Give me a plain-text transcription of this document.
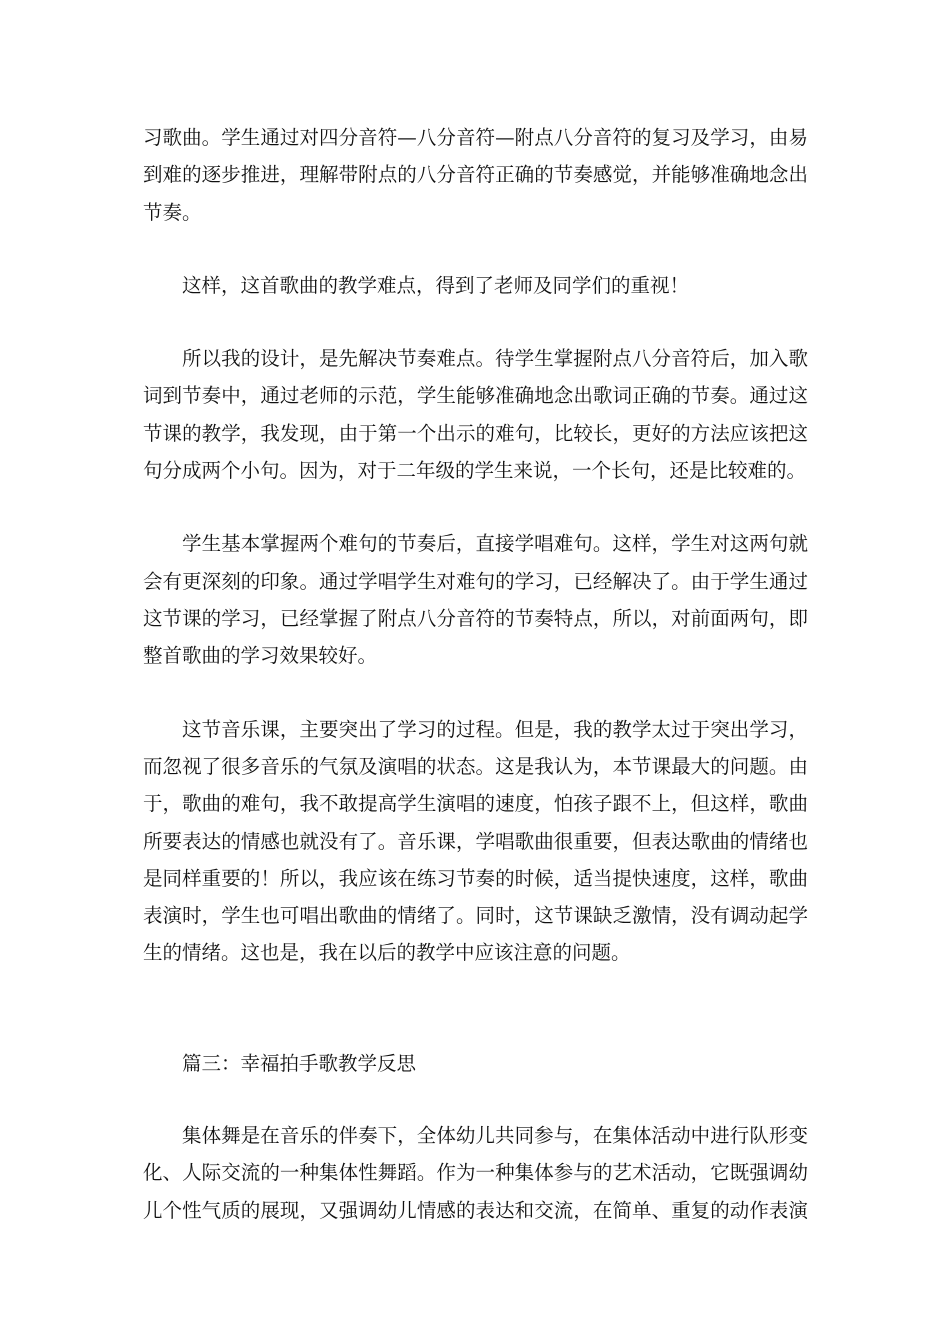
习歌曲。学生通过对四分音符—八分音符—附点八分音符的复习及学习，由易
到难的逐步推进，理解带附点的八分音符正确的节奏感觉，并能够准确地念出
节奏。
这样，这首歌曲的教学难点，得到了老师及同学们的重视！
所以我的设计，是先解决节奏难点。待学生掌握附点八分音符后，加入歌
词到节奏中，通过老师的示范，学生能够准确地念出歌词正确的节奏。通过这
节课的教学，我发现，由于第一个出示的难句，比较长，更好的方法应该把这
句分成两个小句。因为，对于二年级的学生来说，一个长句，还是比较难的。
学生基本掌握两个难句的节奏后，直接学唱难句。这样，学生对这两句就
会有更深刻的印象。通过学唱学生对难句的学习，已经解决了。由于学生通过
这节课的学习，已经掌握了附点八分音符的节奏特点，所以，对前面两句，即
整首歌曲的学习效果较好。
这节音乐课，主要突出了学习的过程。但是，我的教学太过于突出学习，
而忽视了很多音乐的气氛及演唱的状态。这是我认为，本节课最大的问题。由
于，歌曲的难句，我不敢提高学生演唱的速度，怕孩子跟不上，但这样，歌曲
所要表达的情感也就没有了。音乐课，学唱歌曲很重要，但表达歌曲的情绪也
是同样重要的！所以，我应该在练习节奏的时候，适当提快速度，这样，歌曲
表演时，学生也可唱出歌曲的情绪了。同时，这节课缺乏激情，没有调动起学
生的情绪。这也是，我在以后的教学中应该注意的问题。
篇三：幸福拍手歌教学反思
集体舞是在音乐的伴奏下，全体幼儿共同参与，在集体活动中进行队形变
化、人际交流的一种集体性舞蹈。作为一种集体参与的艺术活动，它既强调幼
儿个性气质的展现，又强调幼儿情感的表达和交流，在简单、重复的动作表演
